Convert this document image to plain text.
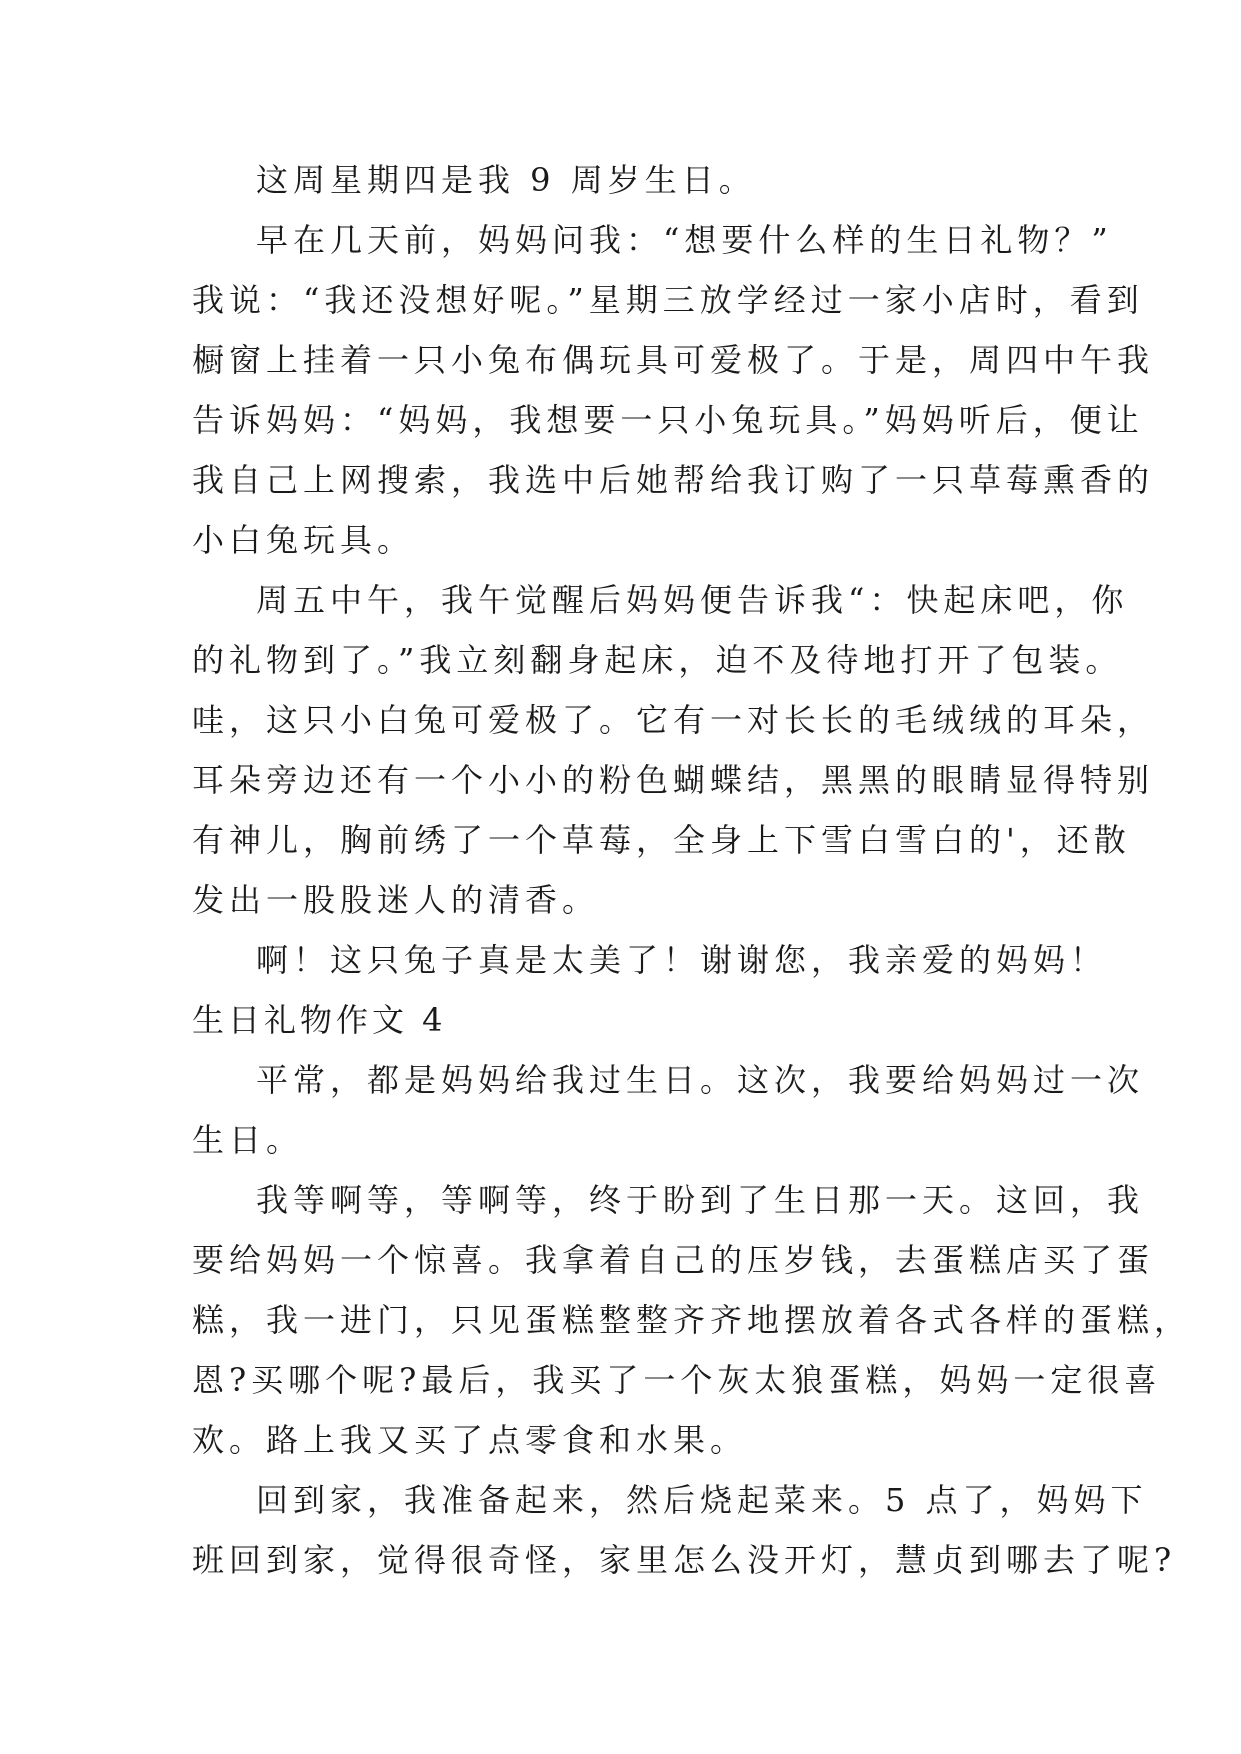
这周星期四是我 9 周岁生日。
早在几天前，妈妈问我：“想要什么样的生日礼物？”
我说：“我还没想好呢。”星期三放学经过一家小店时，看到
橱窗上挂着一只小兔布偶玩具可爱极了。于是，周四中午我
告诉妈妈：“妈妈，我想要一只小兔玩具。”妈妈听后，便让
我自己上网搜索，我选中后她帮给我订购了一只草莓熏香的
小白兔玩具。
周五中午，我午觉醒后妈妈便告诉我“：快起床吧，你
的礼物到了。”我立刻翻身起床，迫不及待地打开了包装。
哇，这只小白兔可爱极了。它有一对长长的毛绒绒的耳朵，
耳朵旁边还有一个小小的粉色蝴蝶结，黑黑的眼睛显得特别
有神儿，胸前绣了一个草莓，全身上下雪白雪白的'，还散
发出一股股迷人的清香。
啊！这只兔子真是太美了！谢谢您，我亲爱的妈妈！
生日礼物作文 4
平常，都是妈妈给我过生日。这次，我要给妈妈过一次
生日。
我等啊等，等啊等，终于盼到了生日那一天。这回，我
要给妈妈一个惊喜。我拿着自己的压岁钱，去蛋糕店买了蛋
糕，我一进门，只见蛋糕整整齐齐地摆放着各式各样的蛋糕，
恩?买哪个呢?最后，我买了一个灰太狼蛋糕，妈妈一定很喜
欢。路上我又买了点零食和水果。
回到家，我准备起来，然后烧起菜来。5 点了，妈妈下
班回到家，觉得很奇怪，家里怎么没开灯，慧贞到哪去了呢?
